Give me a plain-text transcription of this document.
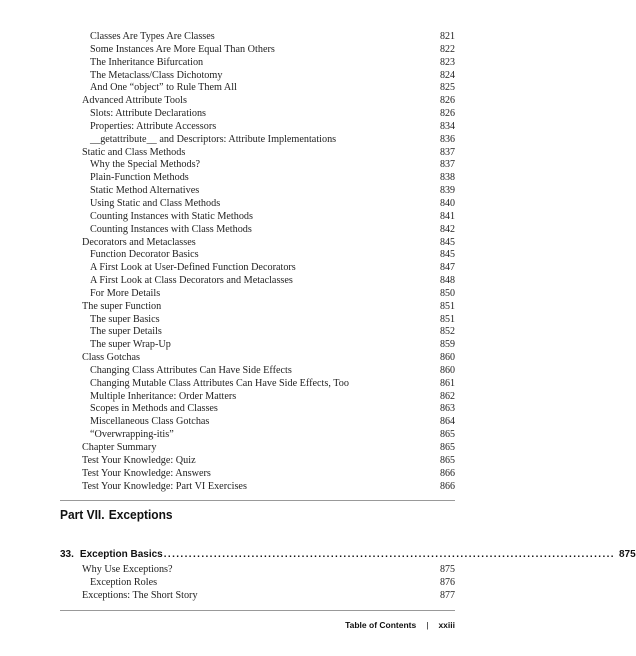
Classes Are Types Are Classes	821
Some Instances Are More Equal Than Others	822
The Inheritance Bifurcation	823
The Metaclass/Class Dichotomy	824
And One “object” to Rule Them All	825
Advanced Attribute Tools	826
Slots: Attribute Declarations	826
Properties: Attribute Accessors	834
__getattribute__ and Descriptors: Attribute Implementations	836
Static and Class Methods	837
Why the Special Methods?	837
Plain-Function Methods	838
Static Method Alternatives	839
Using Static and Class Methods	840
Counting Instances with Static Methods	841
Counting Instances with Class Methods	842
Decorators and Metaclasses	845
Function Decorator Basics	845
A First Look at User-Defined Function Decorators	847
A First Look at Class Decorators and Metaclasses	848
For More Details	850
The super Function	851
The super Basics	851
The super Details	852
The super Wrap-Up	859
Class Gotchas	860
Changing Class Attributes Can Have Side Effects	860
Changing Mutable Class Attributes Can Have Side Effects, Too	861
Multiple Inheritance: Order Matters	862
Scopes in Methods and Classes	863
Miscellaneous Class Gotchas	864
“Overwrapping-itis”	865
Chapter Summary	865
Test Your Knowledge: Quiz	865
Test Your Knowledge: Answers	866
Test Your Knowledge: Part VI Exercises	866
Part VII. Exceptions
33. Exception Basics ............................................................................................................ 875
Why Use Exceptions?	875
Exception Roles	876
Exceptions: The Short Story	877
Table of Contents | xxiii
